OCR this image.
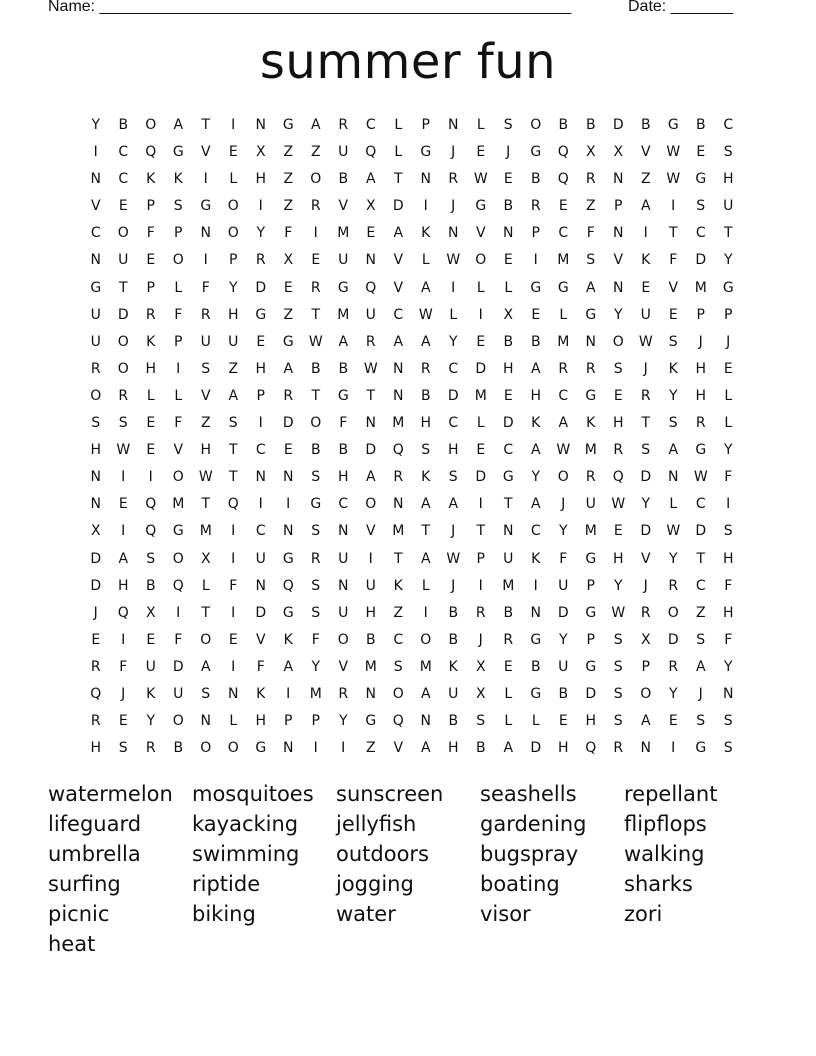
Name: _____________________________________________________	Date: _______
summer fun
Y	B	O	A	T	I	N	G	A	R	C	L	P	N	L	S	O	B	B	D	B	G	B	C
I	C	Q	G	V	E	X	Z	Z	U	Q	L	G	J	E	J	G	Q	X	X	V	W	E	S
N	C	K	K	I	L	H	Z	O	B	A	T	N	R	W	E	B	Q	R	N	Z	W	G	H
V	E	P	S	G	O	I	Z	R	V	X	D	I	J	G	B	R	E	Z	P	A	I	S	U
C	O	F	P	N	O	Y	F	I	M	E	A	K	N	V	N	P	C	F	N	I	T	C	T
N	U	E	O	I	P	R	X	E	U	N	V	L	W	O	E	I	M	S	V	K	F	D	Y
G	T	P	L	F	Y	D	E	R	G	Q	V	A	I	L	L	G	G	A	N	E	V	M	G
U	D	R	F	R	H	G	Z	T	M	U	C	W	L	I	X	E	L	G	Y	U	E	P	P
U	O	K	P	U	U	E	G	W	A	R	A	A	Y	E	B	B	M	N	O	W	S	J	J
R	O	H	I	S	Z	H	A	B	B	W	N	R	C	D	H	A	R	R	S	J	K	H	E
O	R	L	L	V	A	P	R	T	G	T	N	B	D	M	E	H	C	G	E	R	Y	H	L
S	S	E	F	Z	S	I	D	O	F	N	M	H	C	L	D	K	A	K	H	T	S	R	L
H	W	E	V	H	T	C	E	B	B	D	Q	S	H	E	C	A	W	M	R	S	A	G	Y
N	I	I	O	W	T	N	N	S	H	A	R	K	S	D	G	Y	O	R	Q	D	N	W	F
N	E	Q	M	T	Q	I	I	G	C	O	N	A	A	I	T	A	J	U	W	Y	L	C	I
X	I	Q	G	M	I	C	N	S	N	V	M	T	J	T	N	C	Y	M	E	D	W	D	S
D	A	S	O	X	I	U	G	R	U	I	T	A	W	P	U	K	F	G	H	V	Y	T	H
D	H	B	Q	L	F	N	Q	S	N	U	K	L	J	I	M	I	U	P	Y	J	R	C	F
J	Q	X	I	T	I	D	G	S	U	H	Z	I	B	R	B	N	D	G	W	R	O	Z	H
E	I	E	F	O	E	V	K	F	O	B	C	O	B	J	R	G	Y	P	S	X	D	S	F
R	F	U	D	A	I	F	A	Y	V	M	S	M	K	X	E	B	U	G	S	P	R	A	Y
Q	J	K	U	S	N	K	I	M	R	N	O	A	U	X	L	G	B	D	S	O	Y	J	N
R	E	Y	O	N	L	H	P	P	Y	G	Q	N	B	S	L	L	E	H	S	A	E	S	S
H	S	R	B	O	O	G	N	I	I	Z	V	A	H	B	A	D	H	Q	R	N	I	G	S
watermelon mosquitoes	sunscreen	seashells	repellant
lifeguard	kayacking	jellyfish	gardening	flipflops
umbrella	swimming	outdoors	bugspray	walking
surfing	riptide	jogging	boating	sharks
picnic	biking	water	visor	zori
heat
